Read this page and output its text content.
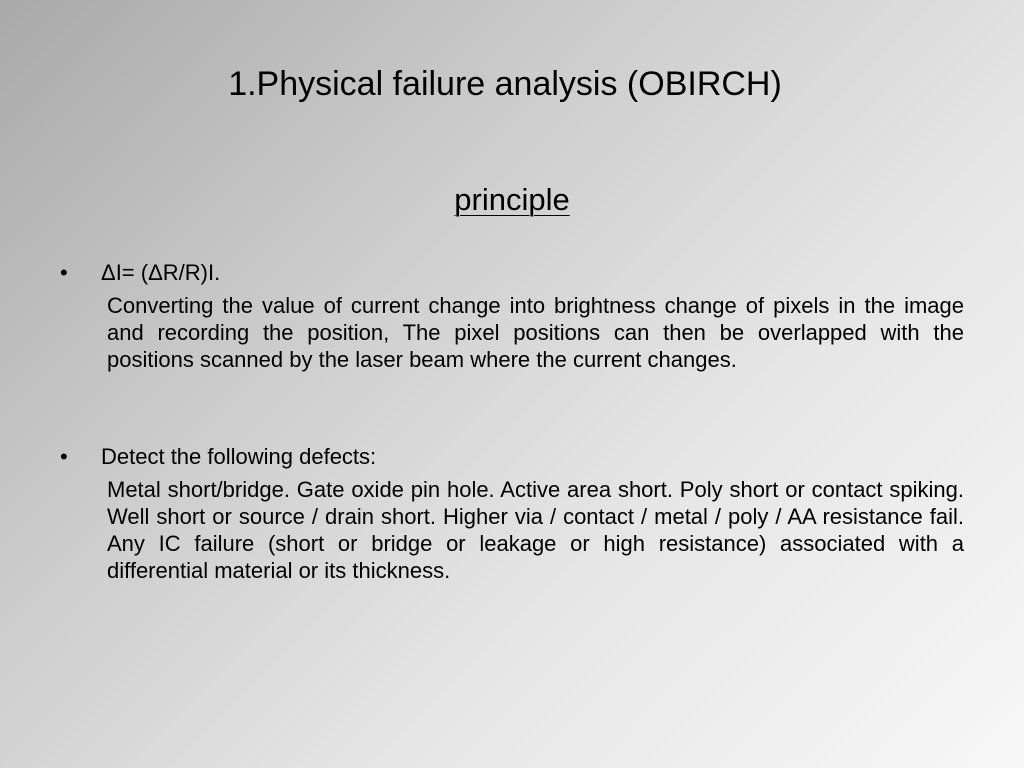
1.Physical failure analysis (OBIRCH)
principle
•	ΔI= (ΔR/R)I.
Converting the value of current change into brightness change of pixels in the image and recording the position, The pixel positions can then be overlapped with the positions scanned by the laser beam where the current changes.
•	Detect the following defects:
Metal short/bridge. Gate oxide pin hole. Active area short. Poly short or contact spiking. Well short or source / drain short. Higher via / contact / metal / poly / AA resistance fail. Any IC failure (short or bridge or leakage or high resistance) associated with a differential material or its thickness.
